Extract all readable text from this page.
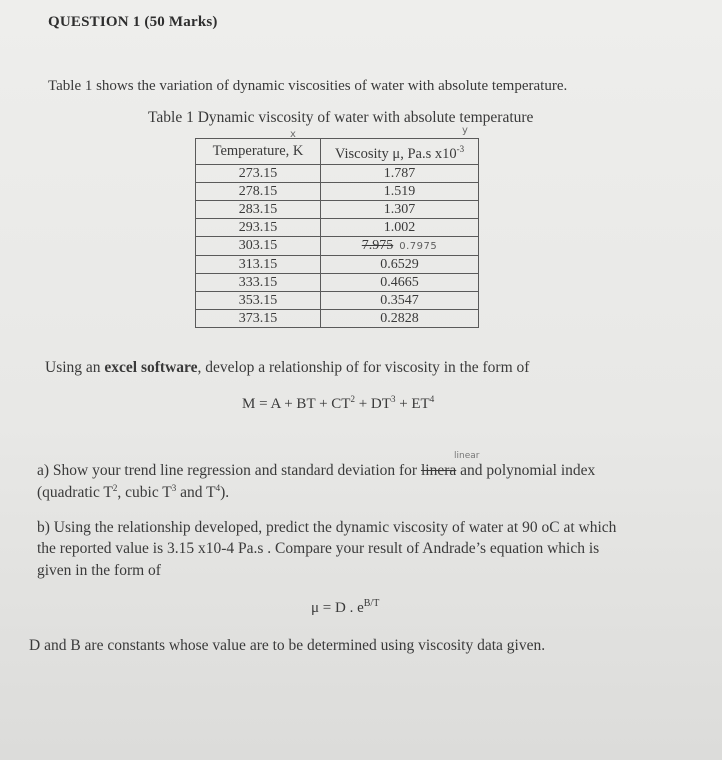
QUESTION 1 (50 Marks)
Table 1 shows the variation of dynamic viscosities of water with absolute temperature.
Table 1 Dynamic viscosity of water with absolute temperature
x	y
Temperature, K	Viscosity μ, Pa.s $x10^{-3}$
273.15	1.787
278.15	1.519
283.15	1.307
293.15	1.002
303.15	7.975 0.7975
313.15	0.6529
333.15	0.4665
353.15	0.3547
373.15	0.2828
Using an excel software, develop a relationship of for viscosity in the form of
M = A + BT + $CT^2 + DT^3 + ET^4$
linear
a) Show your trend line regression and standard deviation for linera and polynomial index
(quadratic $T^2$, cubic $T^3$ and $T^4$).
b) Using the relationship developed, predict the dynamic viscosity of water at 90 oC at which
the reported value is 3.15 x10-4 Pa.s . Compare your result of Andrade’s equation which is
given in the form of
μ = D . $e^{B/T}$
D and B are constants whose value are to be determined using viscosity data given.
